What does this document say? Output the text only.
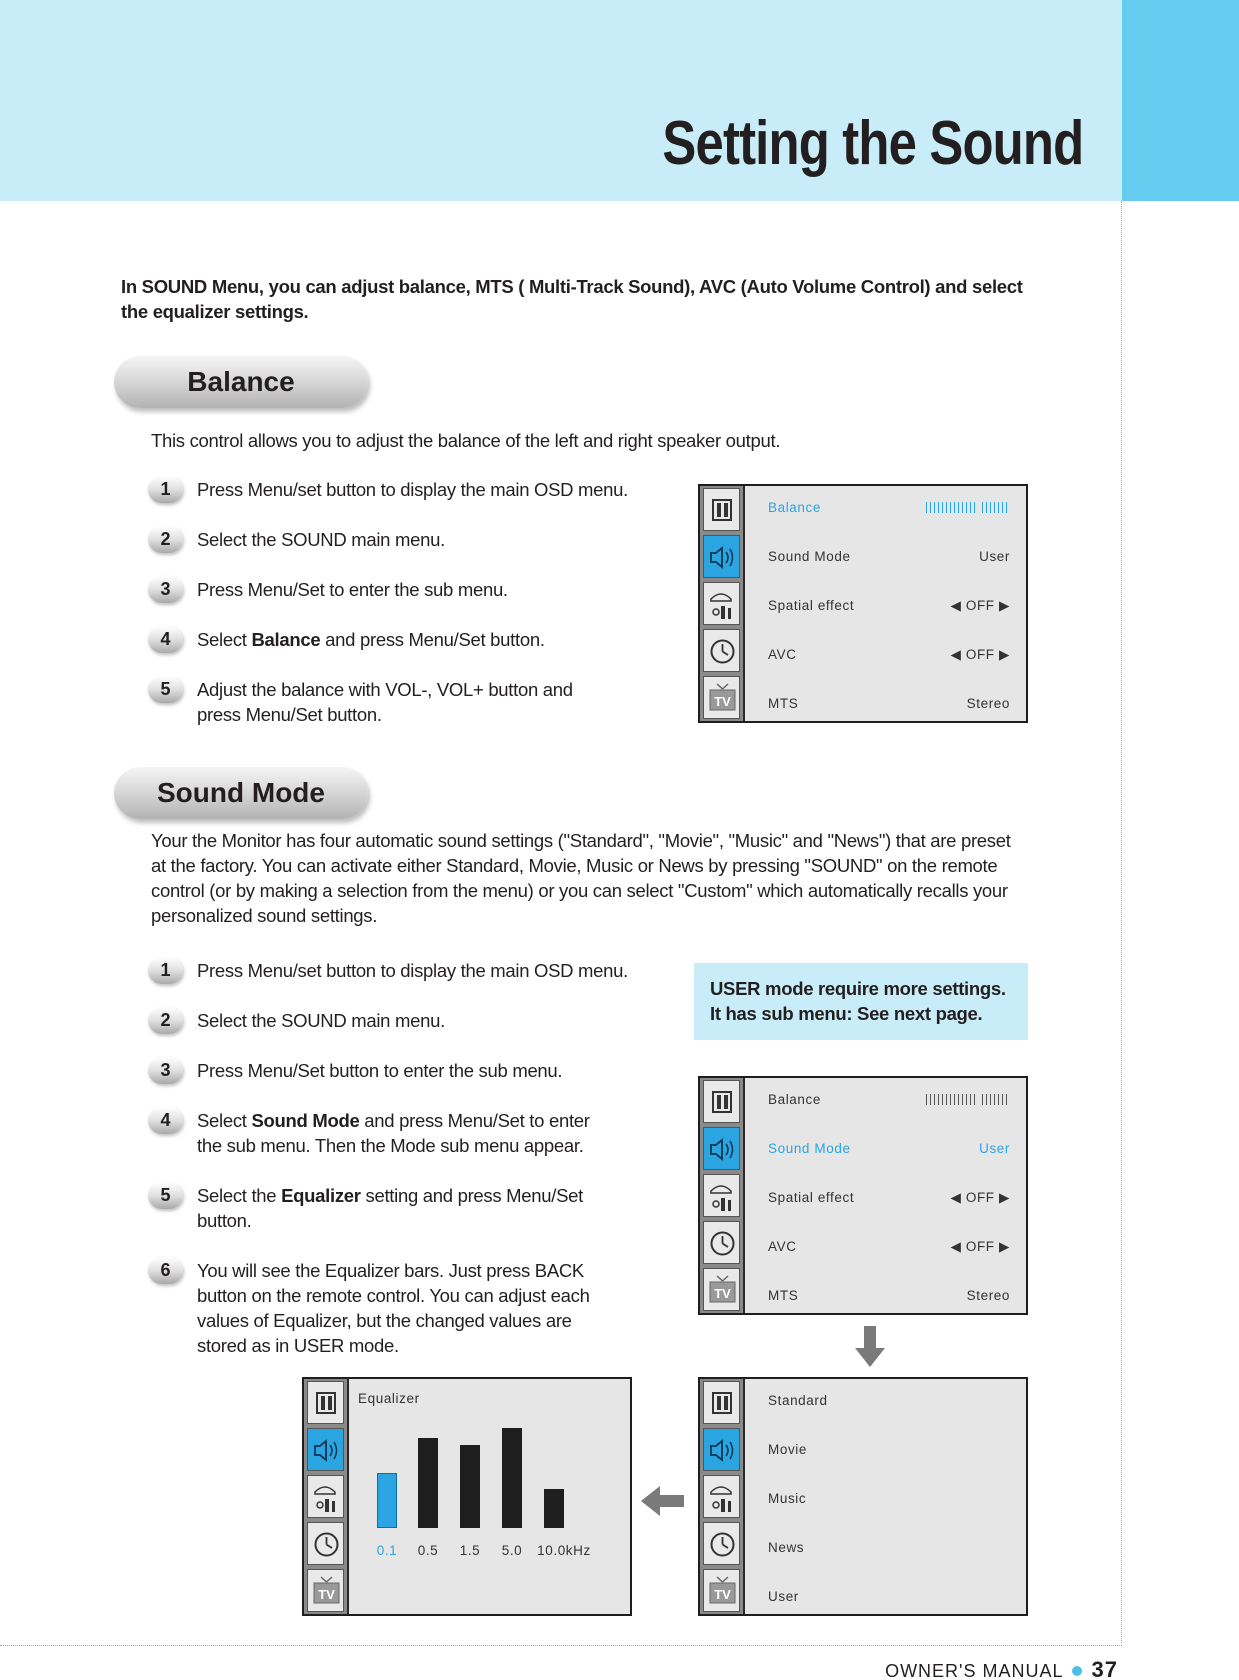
Setting the Sound
In SOUND Menu, you can adjust balance, MTS ( Multi-Track Sound), AVC (Auto Volume Control) and select the equalizer settings.
Balance
This control allows you to adjust the balance of the left and right speaker output.
1	Press Menu/set button to display the main OSD menu.
2	Select the SOUND main menu.
3	Press Menu/Set to enter the sub menu.
4	Select Balance and press Menu/Set button.
5	Adjust the balance with VOL-, VOL+ button and press Menu/Set button.
TV
Balance
Sound Mode	User
Spatial effect	◀ OFF ▶
AVC	◀ OFF ▶
MTS	Stereo
Sound Mode
Your the Monitor has four automatic sound settings ("Standard", "Movie", "Music" and "News") that are preset at the factory. You can activate either Standard, Movie, Music or News by pressing "SOUND" on the remote control (or by making a selection from the menu) or you can select "Custom" which automatically recalls your personalized sound settings.
1	Press Menu/set button to display the main OSD menu.
2	Select the SOUND main menu.
3	Press Menu/Set button to enter the sub menu.
4	Select Sound Mode and press Menu/Set to enter the sub menu. Then the Mode sub menu appear.
5	Select the Equalizer setting and press Menu/Set button.
6	You will see the Equalizer bars. Just press BACK button on the remote control. You can adjust each values of Equalizer, but the changed values are stored as in USER mode.
USER mode require more settings.
It has sub menu: See next page.
TV
Balance
Sound Mode	User
Spatial effect	◀ OFF ▶
AVC	◀ OFF ▶
MTS	Stereo
TV
Standard
Movie
Music
News
User
TV
Equalizer
0.1 0.5 1.5 5.0 10.0kHz
OWNER'S MANUAL 37
